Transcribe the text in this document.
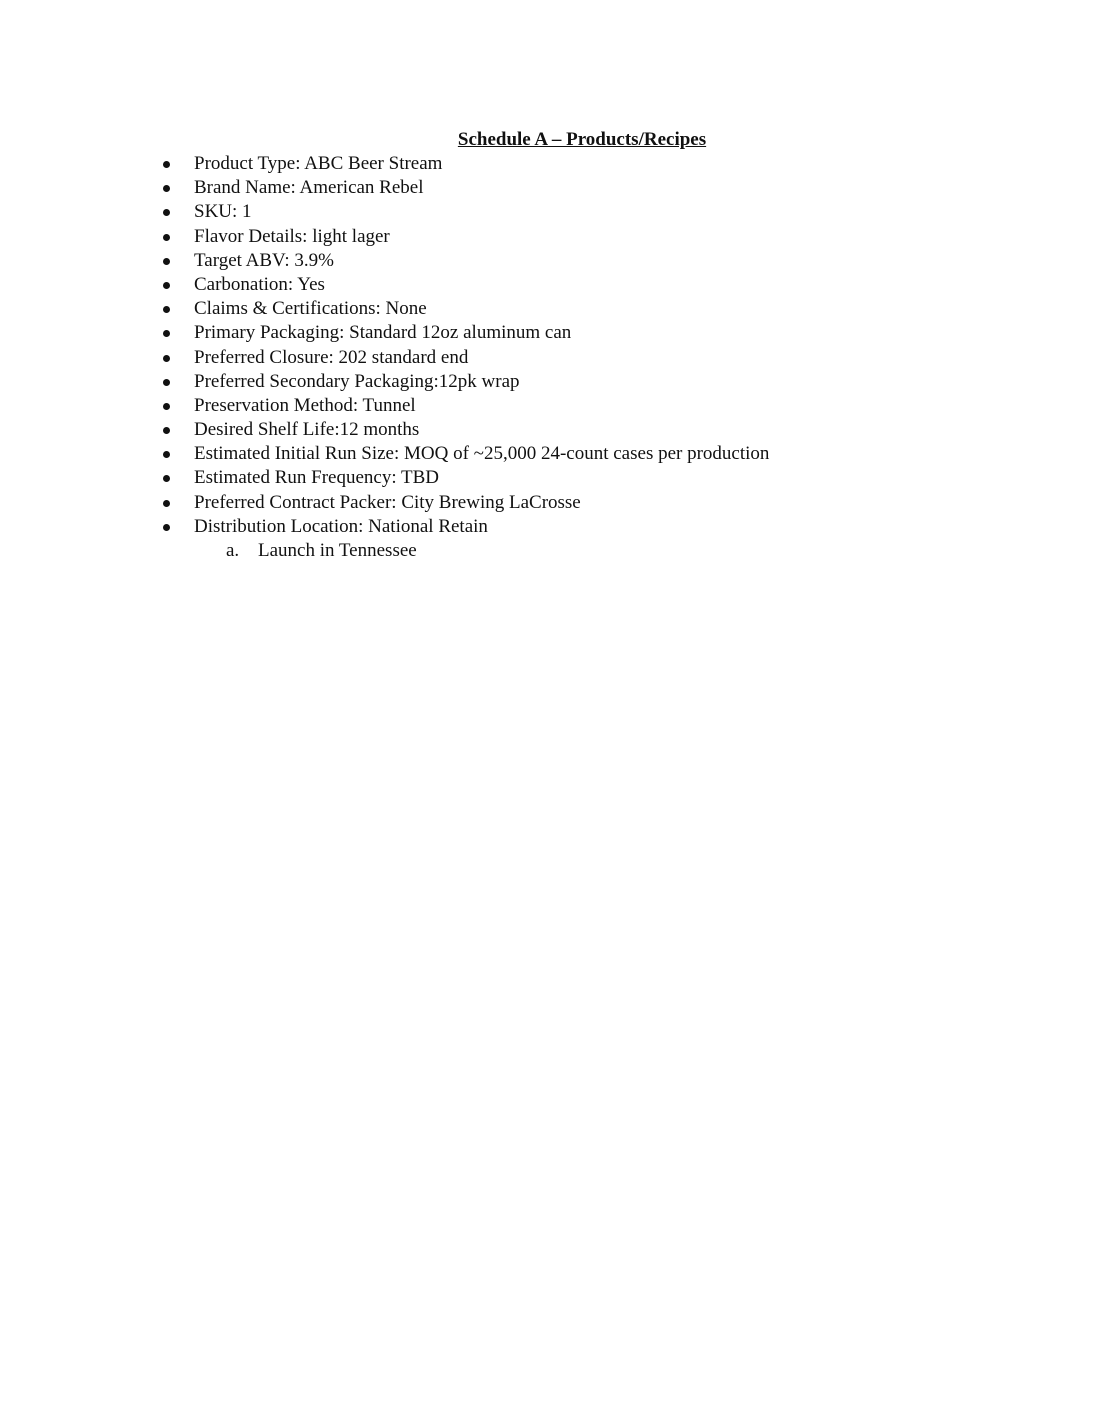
Schedule A – Products/Recipes
Product Type: ABC Beer Stream
Brand Name: American Rebel
SKU: 1
Flavor Details: light lager
Target ABV: 3.9%
Carbonation: Yes
Claims & Certifications: None
Primary Packaging: Standard 12oz aluminum can
Preferred Closure: 202 standard end
Preferred Secondary Packaging:12pk wrap
Preservation Method: Tunnel
Desired Shelf Life:12 months
Estimated Initial Run Size: MOQ of ~25,000 24-count cases per production
Estimated Run Frequency: TBD
Preferred Contract Packer: City Brewing LaCrosse
Distribution Location: National Retain
a. Launch in Tennessee
